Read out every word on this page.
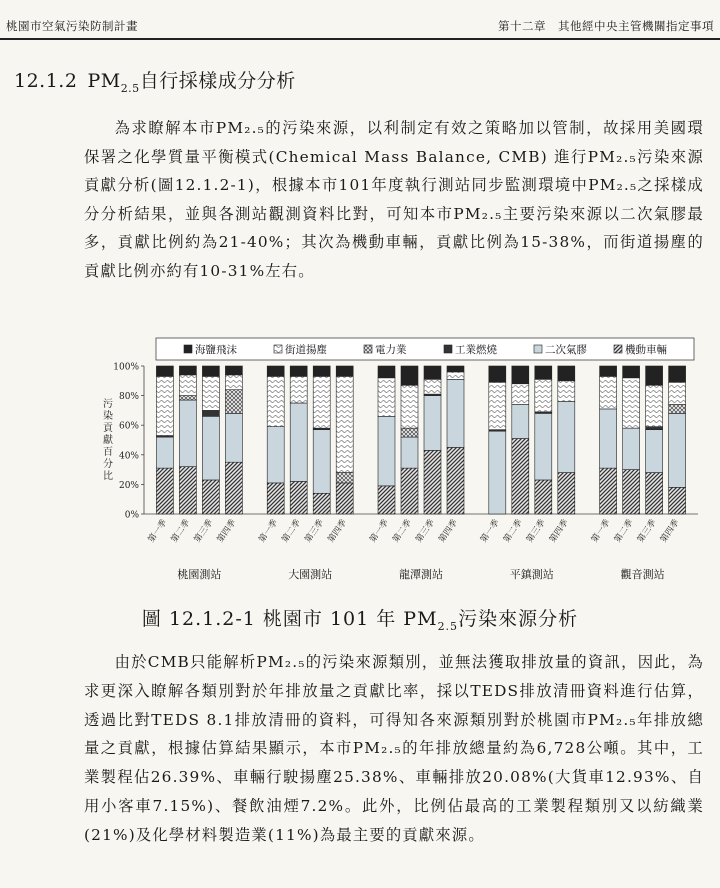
桃園市空氣污染防制計畫	第十二章　其他經中央主管機關指定事項
12.1.2 $PM_{2.5}$自行採樣成分分析

為求瞭解本市PM₂.₅的污染來源，以利制定有效之策略加以管制，故採用美國環保署之化學質量平衡模式(Chemical Mass Balance, CMB) 進行PM₂.₅污染來源貢獻分析(圖12.1.2-1)，根據本市101年度執行測站同步監測環境中PM₂.₅之採樣成分分析結果，並與各測站觀測資料比對，可知本市PM₂.₅主要污染來源以二次氣膠最多，貢獻比例約為21-40%；其次為機動車輛，貢獻比例為15-38%，而街道揚塵的貢獻比例亦約有10-31%左右。

海鹽飛沫	街道揚塵	電力業	工業燃燒	二次氣膠	機動車輛
0%
20%
40%
60%
80%
100%
污染貢獻百分比
第一季 第二季 第三季 第四季
桃園測站
第一季 第二季 第三季 第四季
大園測站
第一季 第二季 第三季 第四季
龍潭測站
第一季 第二季 第三季 第四季
平鎮測站
第一季 第二季 第三季 第四季
觀音測站
圖 12.1.2-1 桃園市 101 年 $PM_{2.5}$污染來源分析

由於CMB只能解析PM₂.₅的污染來源類別，並無法獲取排放量的資訊，因此，為求更深入瞭解各類別對於年排放量之貢獻比率，採以TEDS排放清冊資料進行估算，透過比對TEDS 8.1排放清冊的資料，可得知各來源類別對於桃園市PM₂.₅年排放總量之貢獻，根據估算結果顯示，本市PM₂.₅的年排放總量約為6,728公噸。其中，工業製程佔26.39%、車輛行駛揚塵25.38%、車輛排放20.08%(大貨車12.93%、自用小客車7.15%)、餐飲油煙7.2%。此外，比例佔最高的工業製程類別又以紡織業(21%)及化學材料製造業(11%)為最主要的貢獻來源。
